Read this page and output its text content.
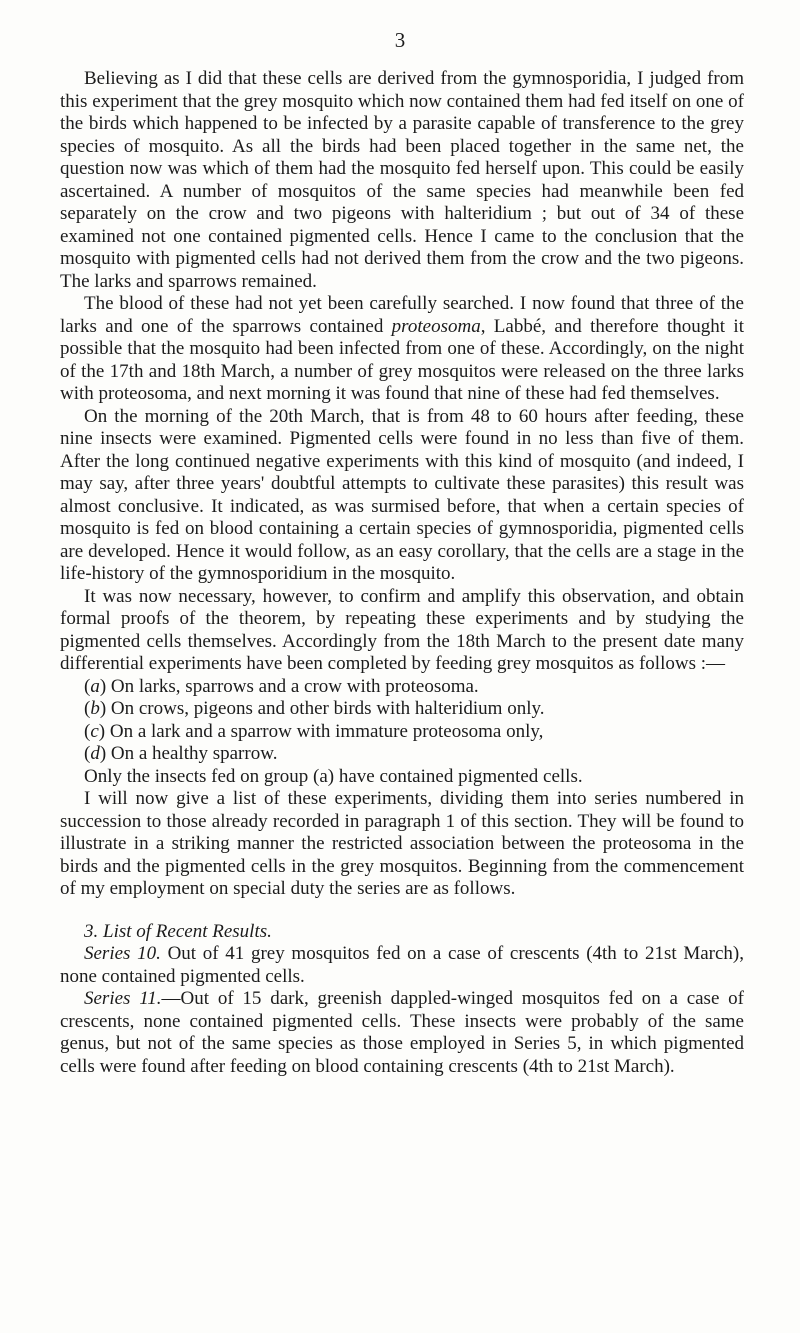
3

Believing as I did that these cells are derived from the gymnosporidia, I judged from this experiment that the grey mosquito which now contained them had fed itself on one of the birds which happened to be infected by a parasite capable of transference to the grey species of mosquito. As all the birds had been placed together in the same net, the question now was which of them had the mosquito fed herself upon. This could be easily ascertained. A number of mosquitos of the same species had meanwhile been fed separately on the crow and two pigeons with halteridium ; but out of 34 of these examined not one contained pigmented cells. Hence I came to the conclusion that the mosquito with pigmented cells had not derived them from the crow and the two pigeons. The larks and sparrows remained.

The blood of these had not yet been carefully searched. I now found that three of the larks and one of the sparrows contained proteosoma, Labbé, and therefore thought it possible that the mosquito had been infected from one of these. Accordingly, on the night of the 17th and 18th March, a number of grey mosquitos were released on the three larks with proteosoma, and next morning it was found that nine of these had fed themselves.

On the morning of the 20th March, that is from 48 to 60 hours after feeding, these nine insects were examined. Pigmented cells were found in no less than five of them. After the long continued negative experiments with this kind of mosquito (and indeed, I may say, after three years' doubtful attempts to cultivate these parasites) this result was almost conclusive. It indicated, as was surmised before, that when a certain species of mosquito is fed on blood containing a certain species of gymnosporidia, pigmented cells are developed. Hence it would follow, as an easy corollary, that the cells are a stage in the life-history of the gymnosporidium in the mosquito.

It was now necessary, however, to confirm and amplify this observation, and obtain formal proofs of the theorem, by repeating these experiments and by studying the pigmented cells themselves. Accordingly from the 18th March to the present date many differential experiments have been completed by feeding grey mosquitos as follows :—

(a) On larks, sparrows and a crow with proteosoma.

(b) On crows, pigeons and other birds with halteridium only.

(c) On a lark and a sparrow with immature proteosoma only,

(d) On a healthy sparrow.

Only the insects fed on group (a) have contained pigmented cells.

I will now give a list of these experiments, dividing them into series numbered in succession to those already recorded in paragraph 1 of this section. They will be found to illustrate in a striking manner the restricted association between the proteosoma in the birds and the pigmented cells in the grey mosquitos. Beginning from the commencement of my employment on special duty the series are as follows.

3. List of Recent Results.

Series 10. Out of 41 grey mosquitos fed on a case of crescents (4th to 21st March), none contained pigmented cells.

Series 11.—Out of 15 dark, greenish dappled-winged mosquitos fed on a case of crescents, none contained pigmented cells. These insects were probably of the same genus, but not of the same species as those employed in Series 5, in which pigmented cells were found after feeding on blood containing crescents (4th to 21st March).
